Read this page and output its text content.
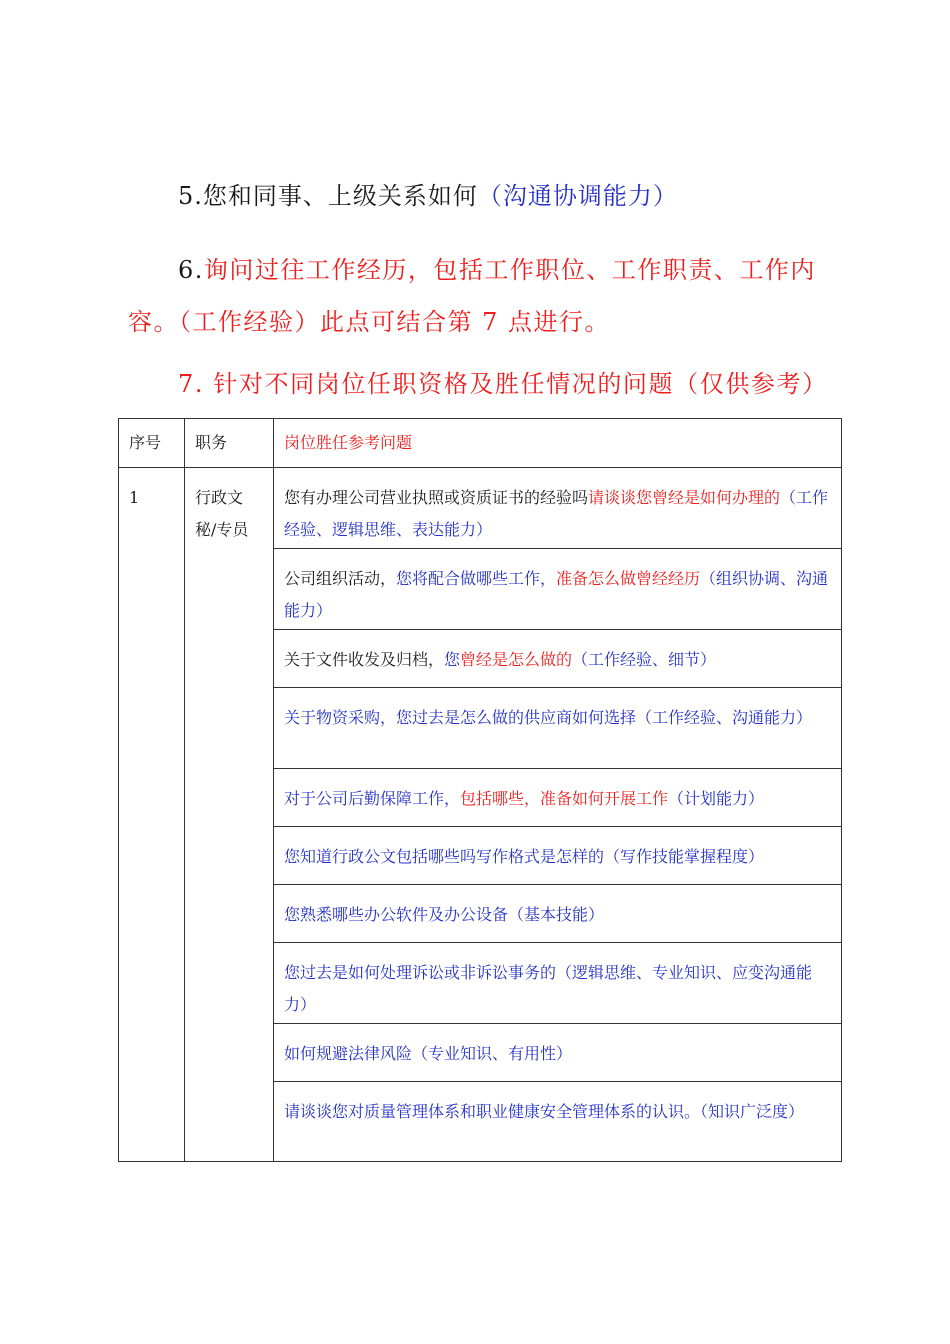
5.您和同事、上级关系如何（沟通协调能力）
6.询问过往工作经历，包括工作职位、工作职责、工作内容。（工作经验）此点可结合第 7 点进行。
7. 针对不同岗位任职资格及胜任情况的问题（仅供参考）
序号	职务	岗位胜任参考问题

1	行政文秘/专员	您有办理公司营业执照或资质证书的经验吗请谈谈您曾经是如何办理的（工作经验、逻辑思维、表达能力）

		公司组织活动，您将配合做哪些工作，准备怎么做曾经经历（组织协调、沟通能力）

		关于文件收发及归档，您曾经是怎么做的（工作经验、细节）

		关于物资采购，您过去是怎么做的供应商如何选择（工作经验、沟通能力）

		对于公司后勤保障工作，包括哪些，准备如何开展工作（计划能力）

		您知道行政公文包括哪些吗写作格式是怎样的（写作技能掌握程度）

		您熟悉哪些办公软件及办公设备（基本技能）

		您过去是如何处理诉讼或非诉讼事务的（逻辑思维、专业知识、应变沟通能力）

		如何规避法律风险（专业知识、有用性）

		请谈谈您对质量管理体系和职业健康安全管理体系的认识。（知识广泛度）
